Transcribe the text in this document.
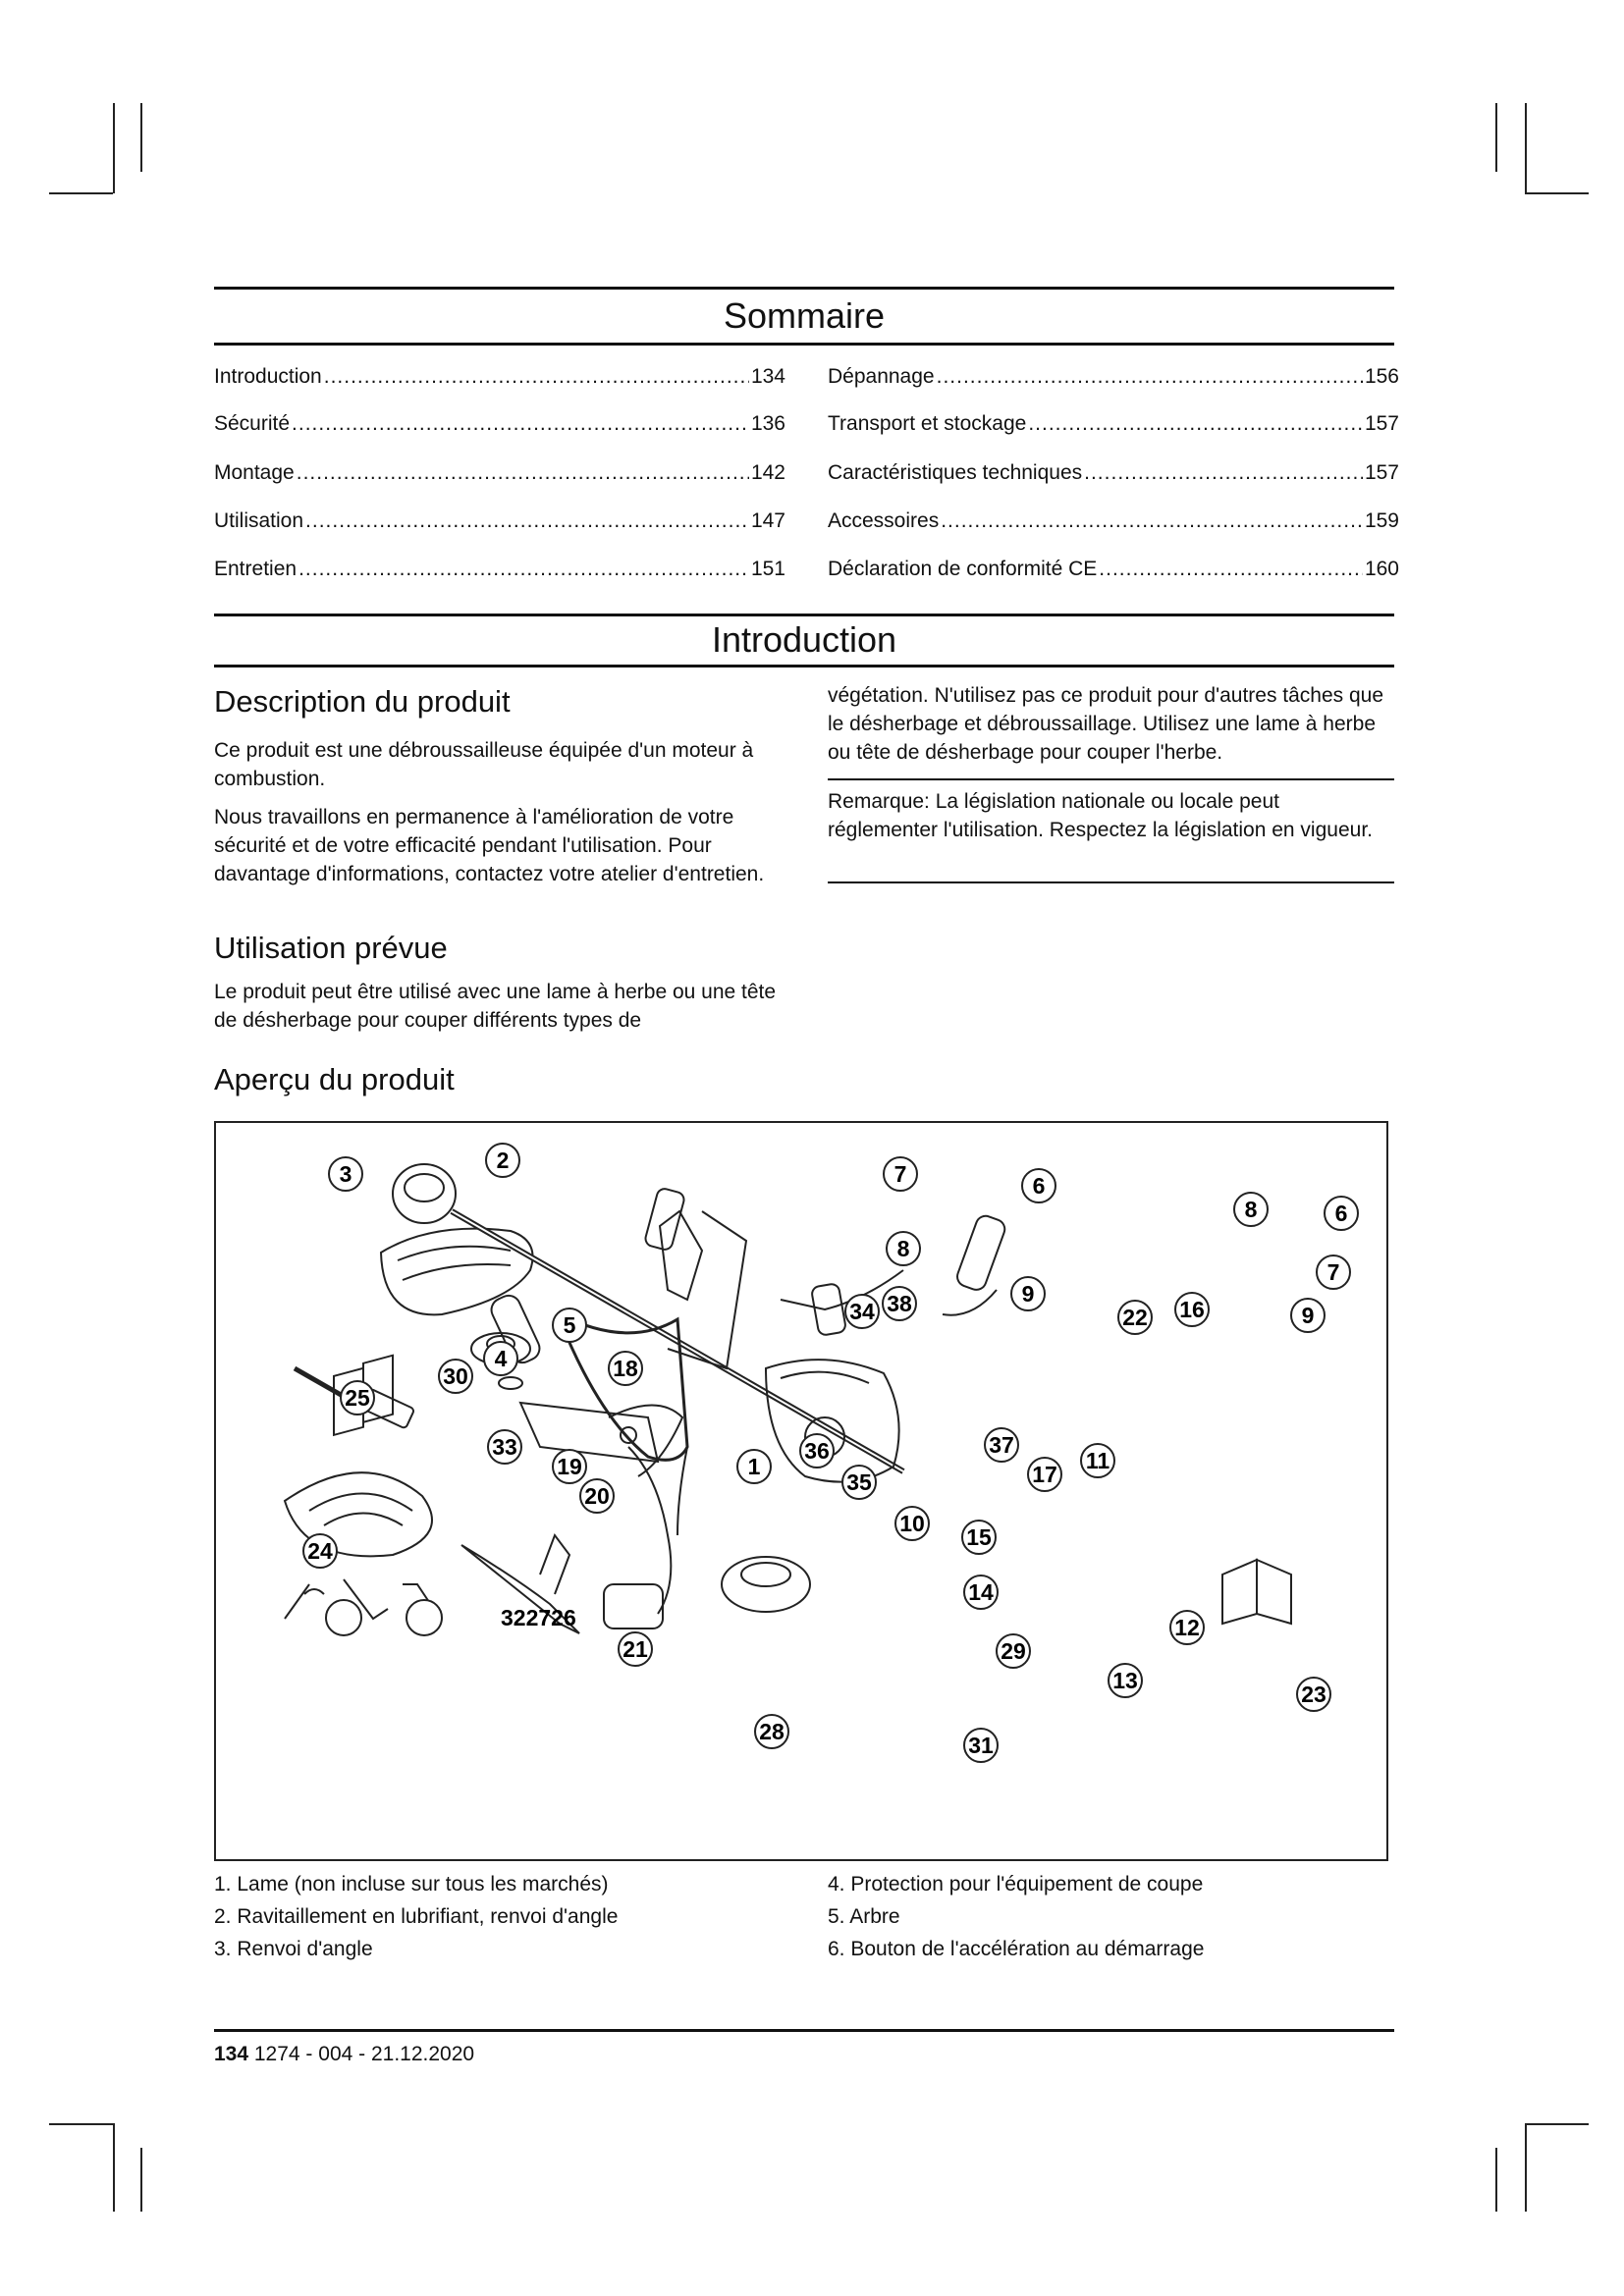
Sommaire
Introduction .....	134
Sécurité .....	136
Montage .....	142
Utilisation .....	147
Entretien .....	151
Dépannage .....	156
Transport et stockage .....	157
Caractéristiques techniques .....	157
Accessoires .....	159
Déclaration de conformité CE .....	160
Introduction
Description du produit
Ce produit est une débroussailleuse équipée d'un moteur à combustion.
Nous travaillons en permanence à l'amélioration de votre sécurité et de votre efficacité pendant l'utilisation. Pour davantage d'informations, contactez votre atelier d'entretien.
Utilisation prévue
Le produit peut être utilisé avec une lame à herbe ou une tête de désherbage pour couper différents types de
végétation. N'utilisez pas ce produit pour d'autres tâches que le désherbage et débroussaillage. Utilisez une lame à herbe ou tête de désherbage pour couper l'herbe.
Remarque: La législation nationale ou locale peut réglementer l'utilisation. Respectez la législation en vigueur.
Aperçu du produit
1
2
3
4
5
6
7
8
9
10
11
12
13
14
15
16
17
18
19
20
21
22
23
24
25
28
29
30
31
33
34
35
36	37
38
6
7
8
9
322726
1. Lame (non incluse sur tous les marchés)
2. Ravitaillement en lubrifiant, renvoi d'angle
3. Renvoi d'angle
4. Protection pour l'équipement de coupe
5. Arbre
6. Bouton de l'accélération au démarrage
134 1274 - 004 - 21.12.2020
